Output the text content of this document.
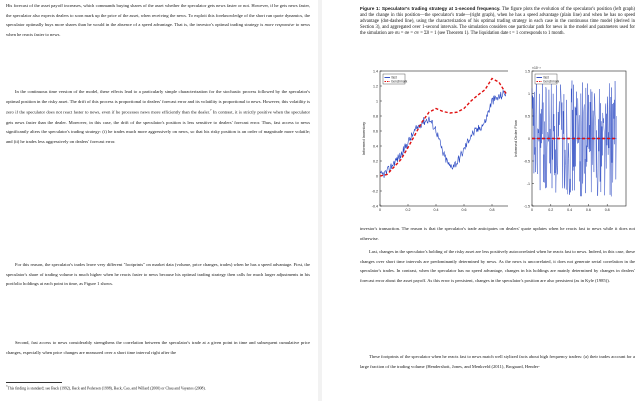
His forecast of the asset payoff increases, which commands buying shares of the asset whether the speculator gets news faster or not. However, if he gets news faster, the speculator also expects dealers to soon mark up the price of the asset, when receiving the news. To exploit this foreknowledge of the short run quote dynamics, the speculator optimally buys more shares than he would in the absence of a speed advantage. That is, the investor's optimal trading strategy is more responsive to news when he reacts faster to news.

In the continuous time version of the model, these effects lead to a particularly simple characterization for the stochastic process followed by the speculator's optimal position in the risky asset. The drift of this process is proportional to dealers' forecast error and its volatility is proportional to news. However, this volatility is zero if the speculator does not react faster to news, even if he processes news more efficiently than the dealer.$^7$ In contrast, it is strictly positive when the speculator gets news faster than the dealer. Moreover, in this case, the drift of the speculator's position is less sensitive to dealers' forecast error. Thus, fast access to news significantly alters the speculator's trading strategy: (i) he trades much more aggressively on news, so that his risky position is an order of magnitude more volatile; and (ii) he trades less aggressively on dealers' forecast error.

For this reason, the speculator's trades leave very different "footprints" on market data (volume, price changes, trades) when he has a speed advantage. First, the speculator's share of trading volume is much higher when he reacts faster to news because his optimal trading strategy then calls for much larger adjustments in his portfolio holdings at each point in time, as Figure 1 shows.

Second, fast access to news considerably strengthens the correlation between the speculator's trade at a given point in time and subsequent cumulative price changes, especially when price changes are measured over a short time interval right after the

$^7$This finding is standard; see Back (1992), Back and Pedersen (1998), Back, Cao, and Willard (2000) or Chau and Vayanos (2008).

Figure 1: Speculator's trading strategy at 1-second frequency. The figure plots the evolution of the speculator's position (left graph) and the change in this position—the speculator's trade—(right graph), when he has a speed advantage (plain line) and when he has no speed advantage (dot-dashed line), using the characterization of his optimal trading strategy in each case in the continuous time model (derived in Section 3), and aggregated over 1-second intervals. The simulation considers one particular path for news in the model and parameters used for the simulation are σu = σe = σv = Σ0 = 1 (see Theorem 1). The liquidation date t = 1 corresponds to 1 month.

investor's transaction. The reason is that the speculator's trade anticipates on dealers' quote updates when he reacts fast to news while it does not otherwise.

Last, changes in the speculator's holding of the risky asset are less positively autocorrelated when he reacts fast to news. Indeed, in this case, these changes over short time intervals are predominantly determined by news. As the news is uncorrelated, it does not generate serial correlation in the speculator's trades. In contrast, when the speculator has no speed advantage, changes in his holdings are mainly determined by changes in dealers' forecast error about the asset payoff. As this error is persistent, changes in the speculator's position are also persistent (as in Kyle (1985)).

These footprints of the speculator when he reacts fast to news match well stylized facts about high frequency traders: (a) their trades account for a large fraction of the trading volume (Hendershott, Jones, and Menkveld (2011), Brogaard, Hender-

-0.4
-0.2
0
0.2
0.4
0.6
0.8
1
1.2
1.4
0	0.2	0.4	0.6	0.8
Informed Inventory
fast
benchmark
-1.5
-1
-0.5
0
0.5
1
1.5
0	0.2	0.4	0.6	0.8
Informed Order Flow
×10⁻³
fast
benchmark
